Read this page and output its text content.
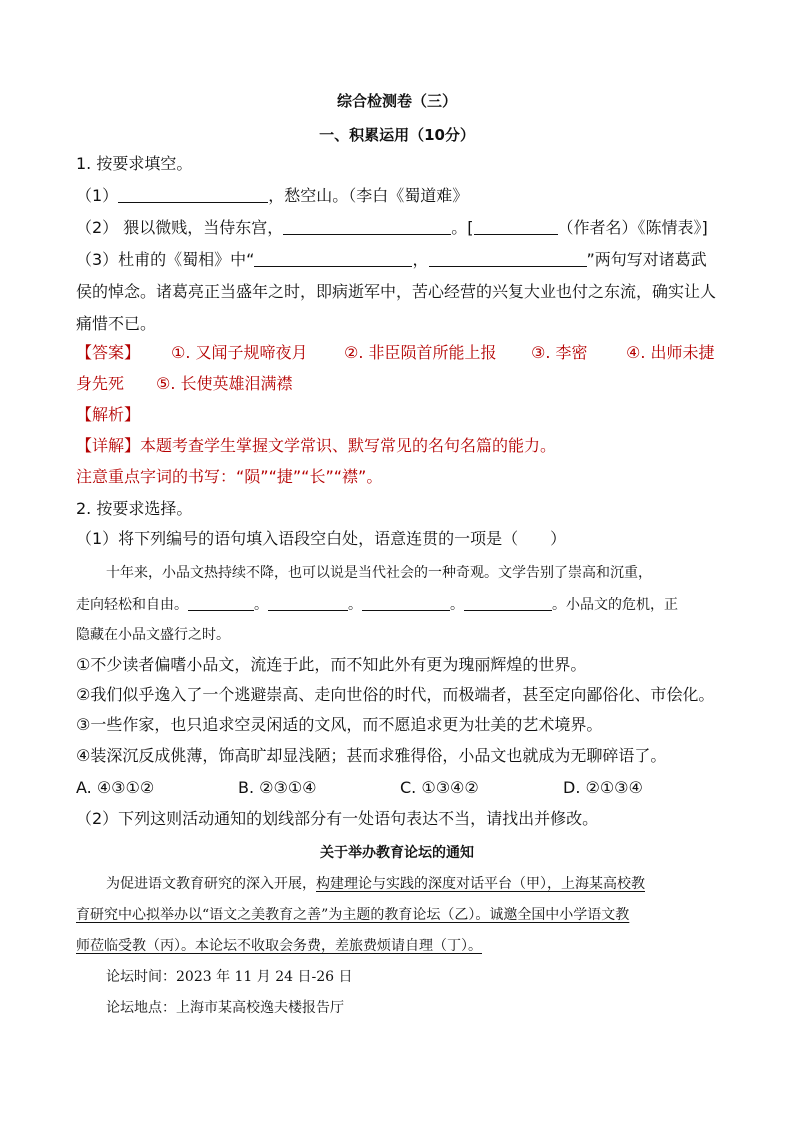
综合检测卷（三）
一、积累运用（10分）
1. 按要求填空。
（1）	，愁空山。（李白《蜀道难》
（2） 猥以微贱，当侍东宫，	。[	（作者名）《陈情表》]
（3）杜甫的《蜀相》中“	，	”两句写对诸葛武
侯的悼念。诸葛亮正当盛年之时，即病逝军中，苦心经营的兴复大业也付之东流，确实让人
痛惜不已。
【答案】 ①. 又闻子规啼夜月 ②. 非臣陨首所能上报 ③. 李密 ④. 出师未捷
身先死 ⑤. 长使英雄泪满襟
【解析】
【详解】本题考查学生掌握文学常识、默写常见的名句名篇的能力。
注意重点字词的书写：“陨”“捷”“长”“襟”。
2. 按要求选择。
（1）将下列编号的语句填入语段空白处，语意连贯的一项是（　　）
十年来，小品文热持续不降，也可以说是当代社会的一种奇观。文学告别了崇高和沉重，
走向轻松和自由。	。	。	。	。小品文的危机，正
隐藏在小品文盛行之时。
①不少读者偏嗜小品文，流连于此，而不知此外有更为瑰丽辉煌的世界。
②我们似乎逸入了一个逃避崇高、走向世俗的时代，而极端者，甚至定向鄙俗化、市侩化。
③一些作家，也只追求空灵闲适的文风，而不愿追求更为壮美的艺术境界。
④装深沉反成佻薄，饰高旷却显浅陋；甚而求雅得俗，小品文也就成为无聊碎语了。
A. ④③①②	B. ②③①④	C. ①③④②	D. ②①③④
（2）下列这则活动通知的划线部分有一处语句表达不当，请找出并修改。
关于举办教育论坛的通知
为促进语文教育研究的深入开展，构建理论与实践的深度对话平台（甲），上海某高校教
育研究中心拟举办以“语文之美教育之善”为主题的教育论坛（乙）。诚邀全国中小学语文教
师莅临受教（丙）。本论坛不收取会务费，差旅费烦请自理（丁）。
论坛时间：2023 年 11 月 24 日-26 日
论坛地点：上海市某高校逸夫楼报告厅
